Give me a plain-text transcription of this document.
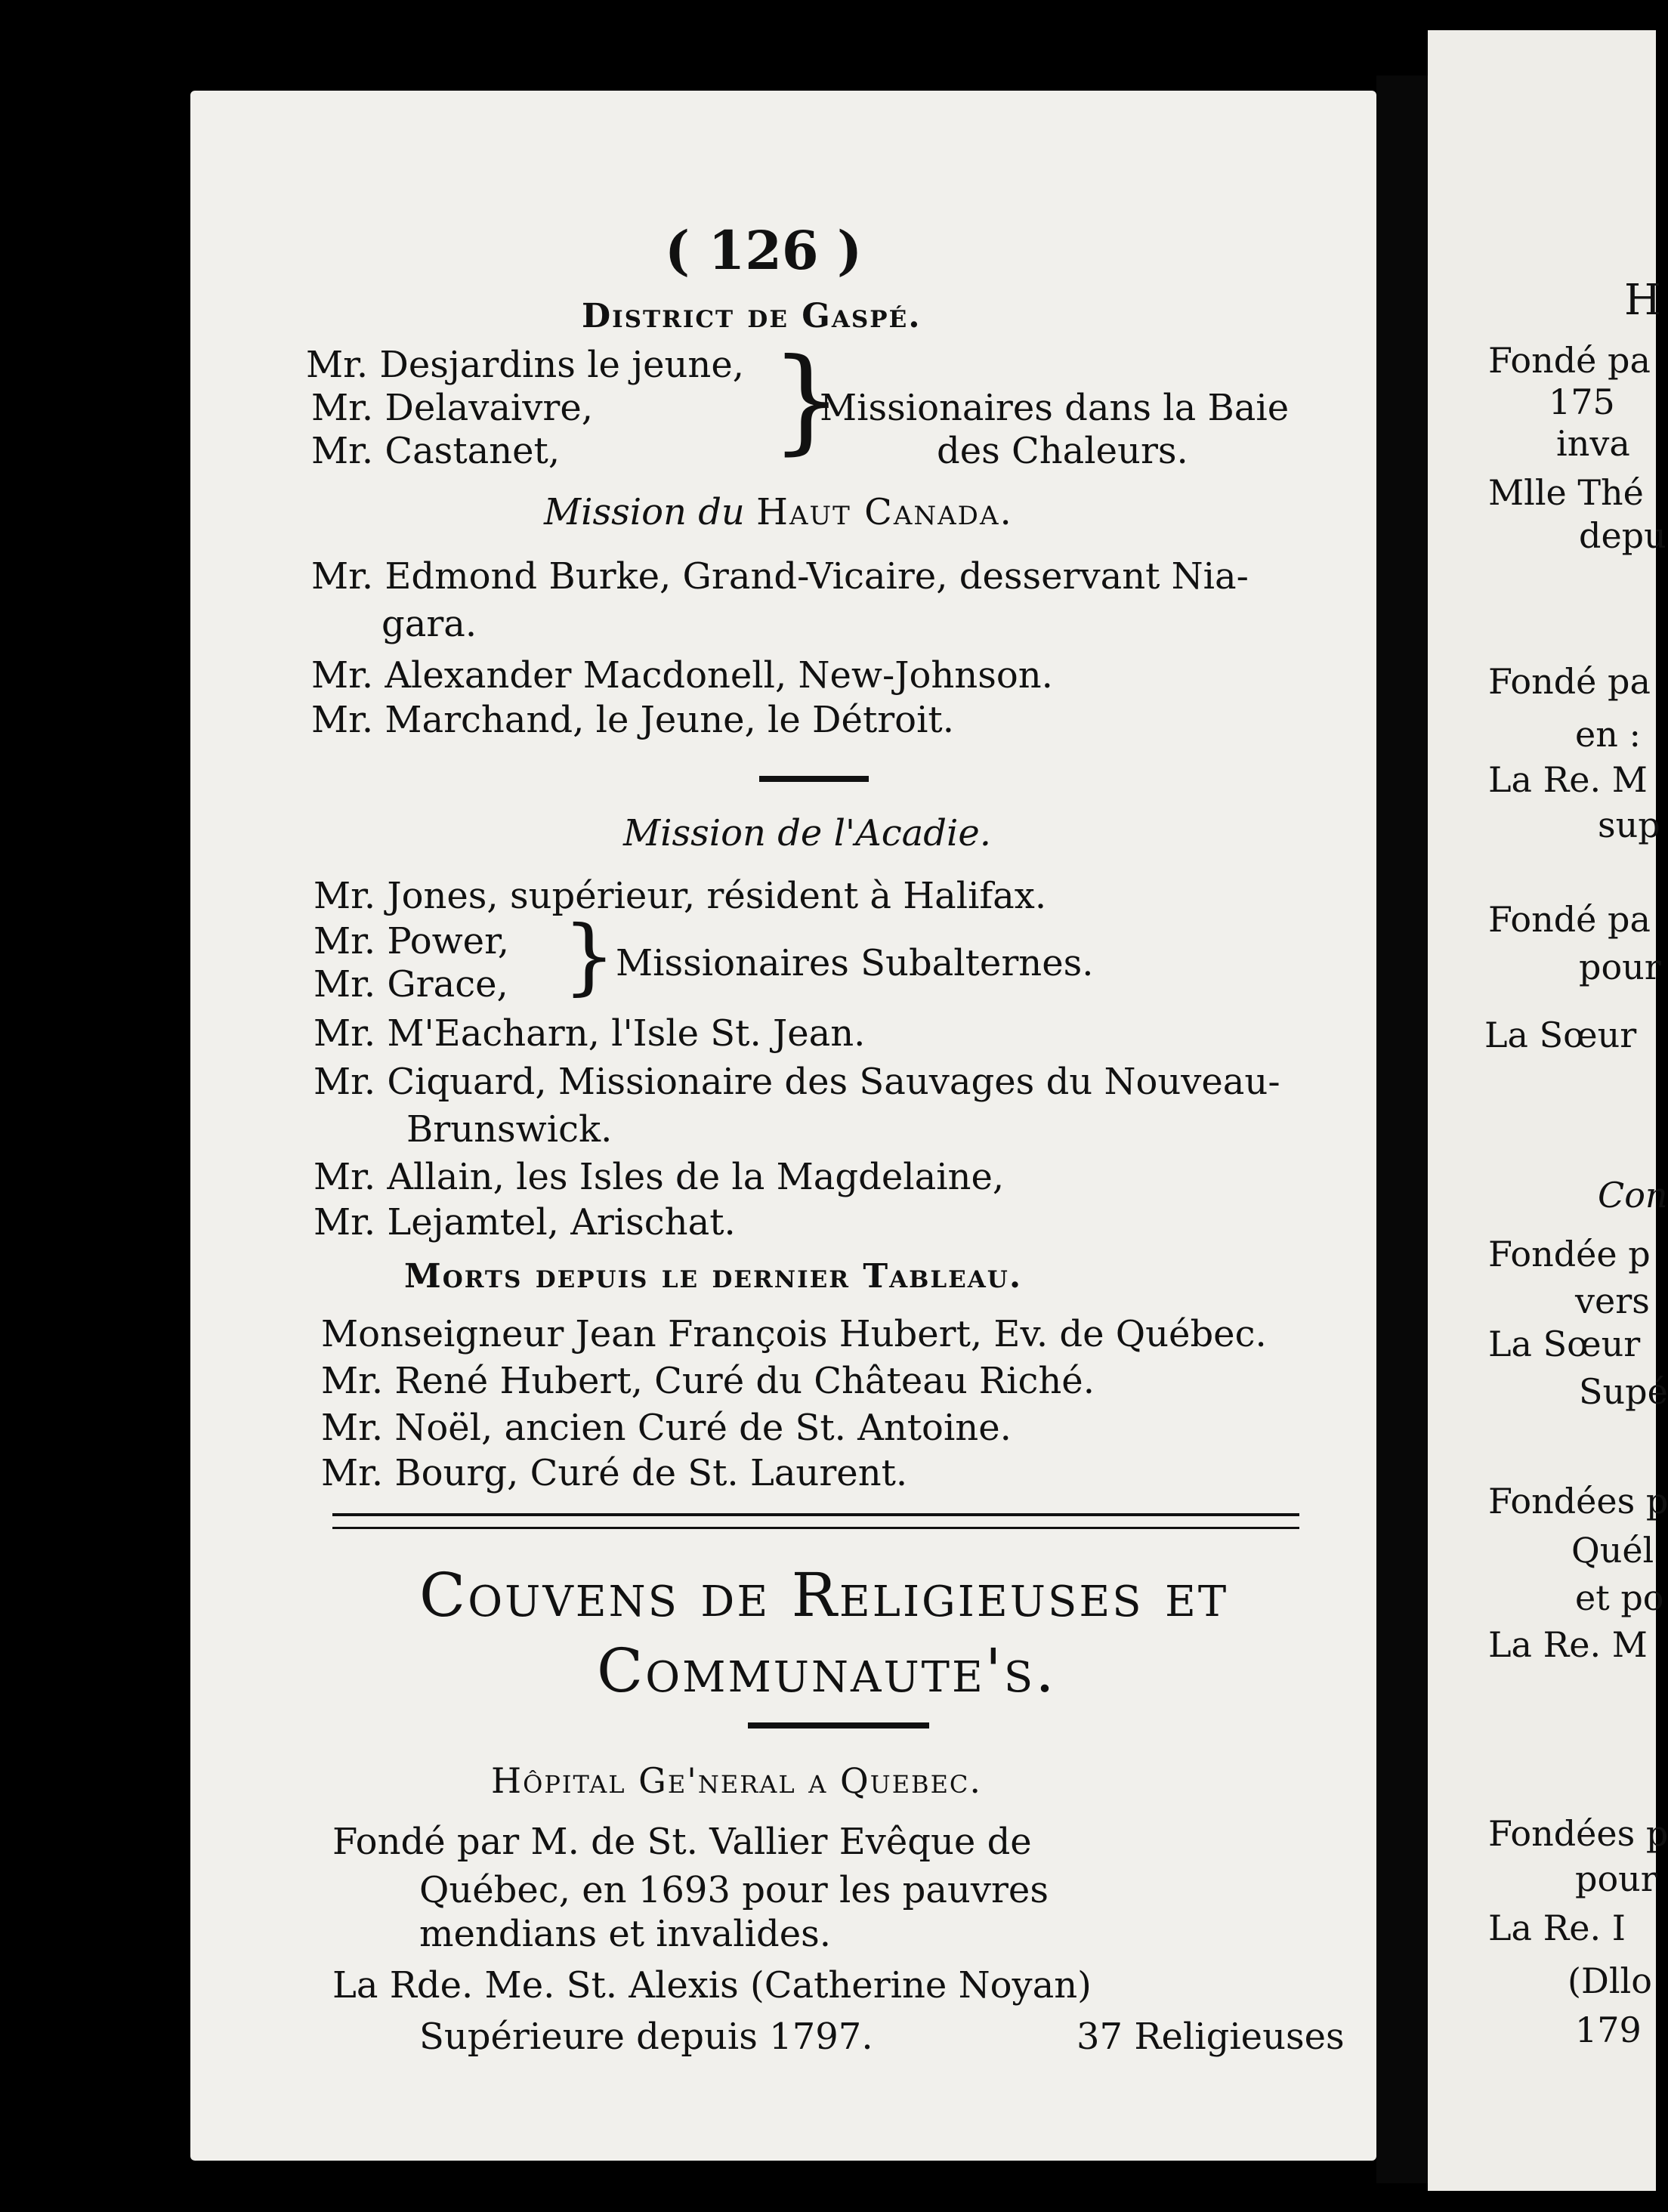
( 126 )
District de Gaspé.
Mr. Desjardins le jeune,
Mr. Delavaivre,
Mr. Castanet, }
Missionaires dans la Baie
des Chaleurs.
Mission du Haut Canada.
Mr. Edmond Burke, Grand-Vicaire, desservant Nia-
gara.
Mr. Alexander Macdonell, New-Johnson.
Mr. Marchand, le Jeune, le Détroit.
Mission de l'Acadie.
Mr. Jones, supérieur, résident à Halifax.
Mr. Power,
Mr. Grace, } Missionaires Subalternes.
Mr. M'Eacharn, l'Isle St. Jean.
Mr. Ciquard, Missionaire des Sauvages du Nouveau-
Brunswick.
Mr. Allain, les Isles de la Magdelaine,
Mr. Lejamtel, Arischat.
Morts depuis le dernier Tableau.
Monseigneur Jean François Hubert, Ev. de Québec.
Mr. René Hubert, Curé du Château Riché.
Mr. Noël, ancien Curé de St. Antoine.
Mr. Bourg, Curé de St. Laurent.
Couvens de Religieuses et
Communaute's.
Hôpital Ge'neral a Quebec.
Fondé par M. de St. Vallier Evêque de
Québec, en 1693 pour les pauvres
mendians et invalides.
La Rde. Me. St. Alexis (Catherine Noyan)
Supérieure depuis 1797.	37 Religieuses
H
Fondé pa
175
inva
Mlle Thé
depu
Fondé pa
en :
La Re. M
sup
Fondé pa
pour
La Sœur
Con
Fondée p
vers
La Sœur
Supé
Fondées p
Quél
et po
La Re. M
Fondées p
pour
La Re. I
(Dllo
179
